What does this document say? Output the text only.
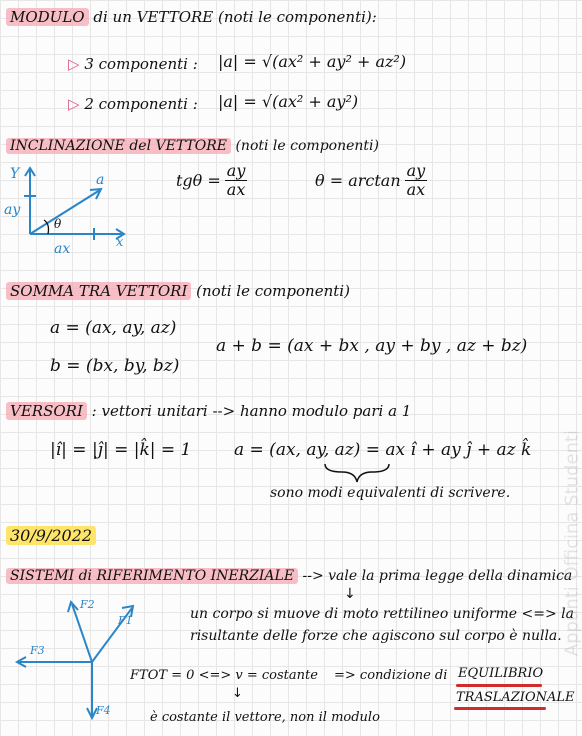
MODULO di un VETTORE (noti le componenti):
▷ 3 componenti : |a| = √(ax² + ay² + az²)
▷ 2 componenti : |a| = √(ax² + ay²)
INCLINAZIONE del VETTORE (noti le componenti)
Y
x
a
ay
ax
θ
$tg\theta = \frac{ay}{ax}$	$\theta = \arctan \frac{ay}{ax}$
SOMMA TRA VETTORI (noti le componenti)
a = (ax, ay, az)
b = (bx, by, bz)
a + b = (ax + bx , ay + by , az + bz)
VERSORI : vettori unitari --> hanno modulo pari a 1
|î| = |ĵ| = |k̂| = 1	a = (ax, ay, az) = ax î + ay ĵ + az k̂
sono modi equivalenti di scrivere.
30/9/2022
SISTEMI di RIFERIMENTO INERZIALE --> vale la prima legge della dinamica
↓
F2
F1
F3
F4
un corpo si muove di moto rettilineo uniforme <=> la
risultante delle forze che agiscono sul corpo è nulla.
FTOT = 0 <=> v = costante
↓
=> condizione di EQUILIBRIO
TRASLAZIONALE
è costante il vettore, non il modulo
Appunti Officina Studenti
